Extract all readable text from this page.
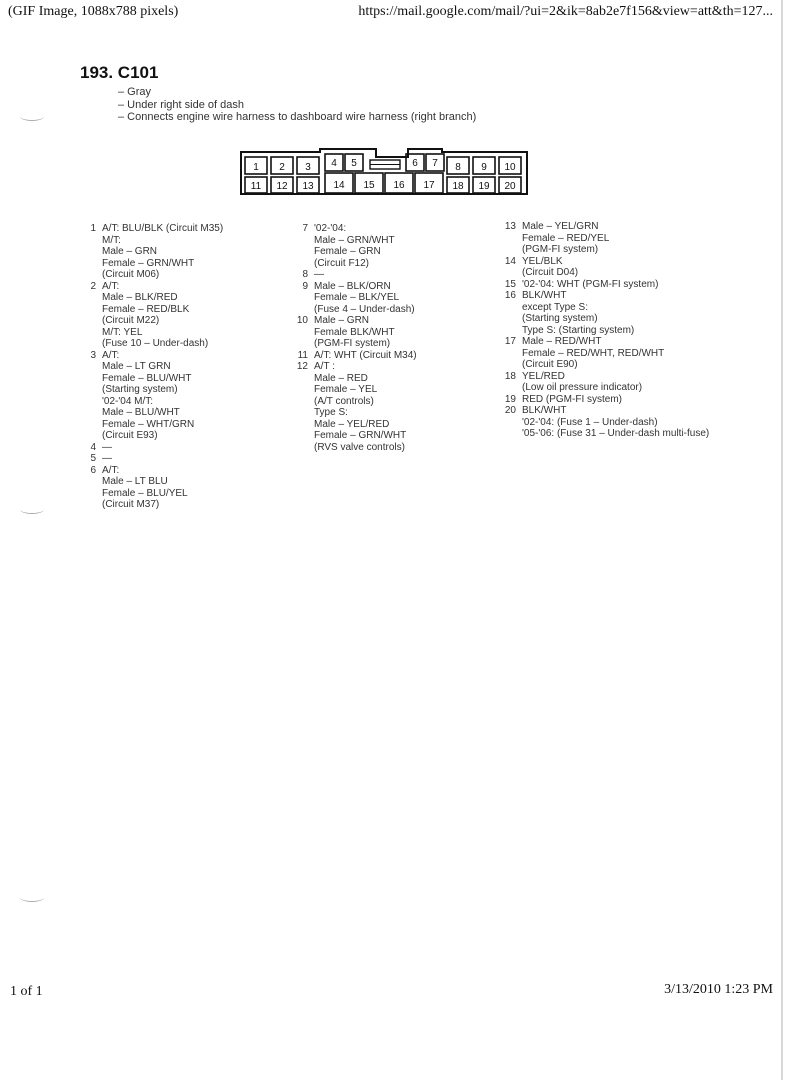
(GIF Image, 1088x788 pixels)	https://mail.google.com/mail/?ui=2&ik=8ab2e7f156&view=att&th=127...
193. C101
– Gray
– Under right side of dash
– Connects engine wire harness to dashboard wire harness (right branch)
1 2 3 4 5	6 7 8 9 10
11 12 13 14 15 16 17 18 19 20
1 A/T: BLU/BLK (Circuit M35)
M/T:
Male – GRN
Female – GRN/WHT
(Circuit M06)
2 A/T:
Male – BLK/RED
Female – RED/BLK
(Circuit M22)
M/T: YEL
(Fuse 10 – Under-dash)
3 A/T:
Male – LT GRN
Female – BLU/WHT
(Starting system)
'02-'04 M/T:
Male – BLU/WHT
Female – WHT/GRN
(Circuit E93)
4 —
5 —
6 A/T:
Male – LT BLU
Female – BLU/YEL
(Circuit M37)
7 '02-'04:
Male – GRN/WHT
Female – GRN
(Circuit F12)
8 —
9 Male – BLK/ORN
Female – BLK/YEL
(Fuse 4 – Under-dash)
10 Male – GRN
Female BLK/WHT
(PGM-FI system)
11 A/T: WHT (Circuit M34)
12 A/T :
Male – RED
Female – YEL
(A/T controls)
Type S:
Male – YEL/RED
Female – GRN/WHT
(RVS valve controls)
13 Male – YEL/GRN
Female – RED/YEL
(PGM-FI system)
14 YEL/BLK
(Circuit D04)
15 '02-'04: WHT (PGM-FI system)
16 BLK/WHT
except Type S:
(Starting system)
Type S: (Starting system)
17 Male – RED/WHT
Female – RED/WHT, RED/WHT
(Circuit E90)
18 YEL/RED
(Low oil pressure indicator)
19 RED (PGM-FI system)
20 BLK/WHT
'02-'04: (Fuse 1 – Under-dash)
'05-'06: (Fuse 31 – Under-dash multi-fuse)
1 of 1	3/13/2010 1:23 PM
